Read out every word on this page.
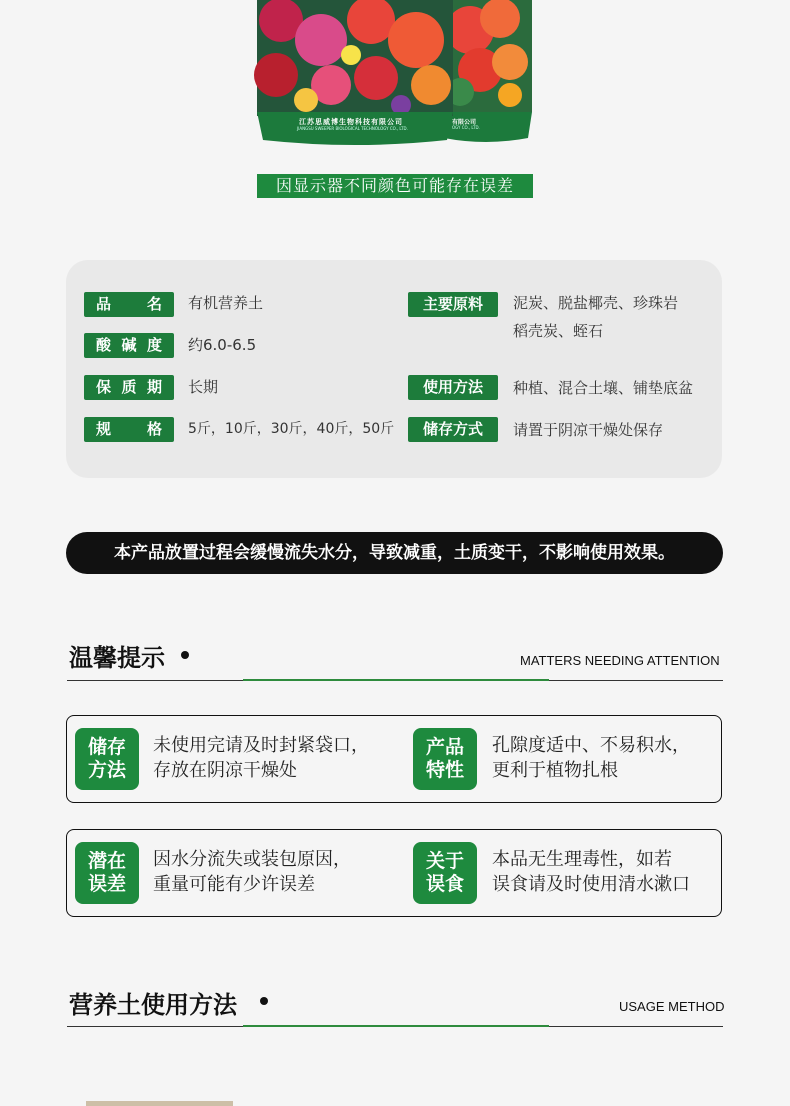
有限公司
OGY CO., LTD.
江苏思威博生物科技有限公司
JIANGSU SWEEPER BIOLOGICAL TECHNOLOGY CO., LTD.
因显示器不同颜色可能存在误差
品 名 有机营养土
酸 碱 度 约6.0-6.5
保 质 期 长期
规 格 5斤，10斤，30斤，40斤，50斤
主要原料	泥炭、脱盐椰壳、珍珠岩
稻壳炭、蛭石
使用方法	种植、混合土壤、铺垫底盆
储存方式	请置于阴凉干燥处保存
本产品放置过程会缓慢流失水分，导致减重，土质变干，不影响使用效果。
温馨提示	MATTERS NEEDING ATTENTION
储存
方法
未使用完请及时封紧袋口，
存放在阴凉干燥处
产品
特性
孔隙度适中、不易积水，
更利于植物扎根
潜在
误差
因水分流失或装包原因，
重量可能有少许误差
关于
误食
本品无生理毒性，如若
误食请及时使用清水漱口
营养土使用方法	USAGE METHOD
